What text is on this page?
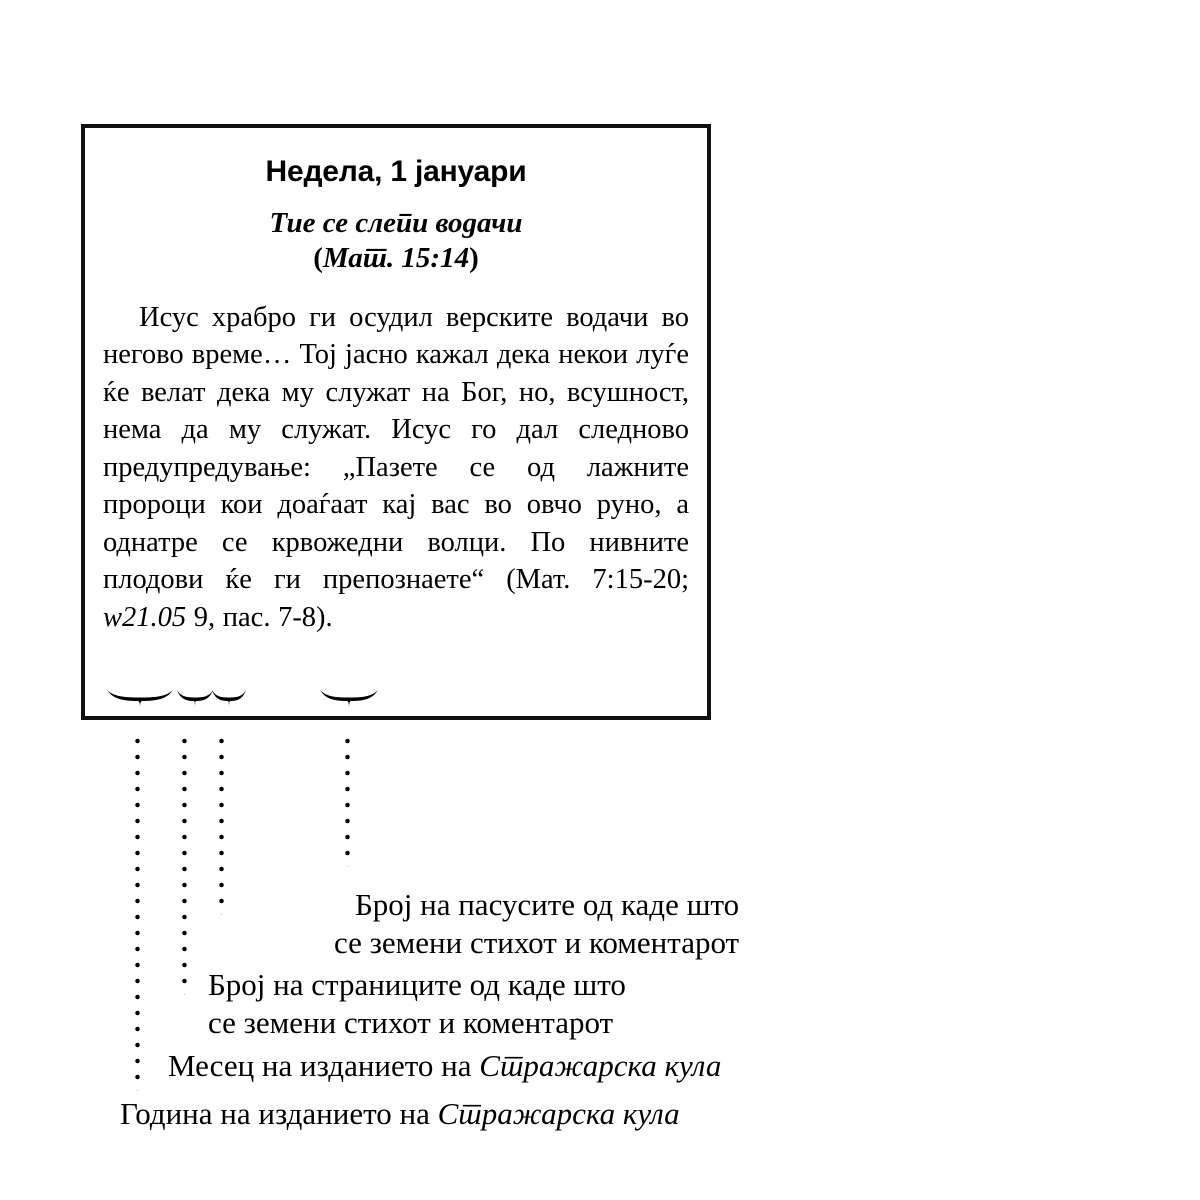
Недела, 1 јануари
Тие се слепи водачи
(Мат. 15:14)

Исус храбро ги осудил верските водачи во негово време… Тој јасно кажал дека некои луѓе ќе велат дека му служат на Бог, но, всушност, нема да му служат. Исус го дал следново предупредување: „Пазете се од лажните пророци кои доаѓаат кај вас во овчо руно, а однатре се крвожедни волци. По нивните плодови ќе ги препознаете“ (Мат. 7:15-20; w21.05 9, пас. 7-8).

Број на пасусите од каде што
се земени стихот и коментарот
Број на страниците од каде што
се земени стихот и коментарот
Месец на изданието на Стражарска кула
Година на изданието на Стражарска кула
